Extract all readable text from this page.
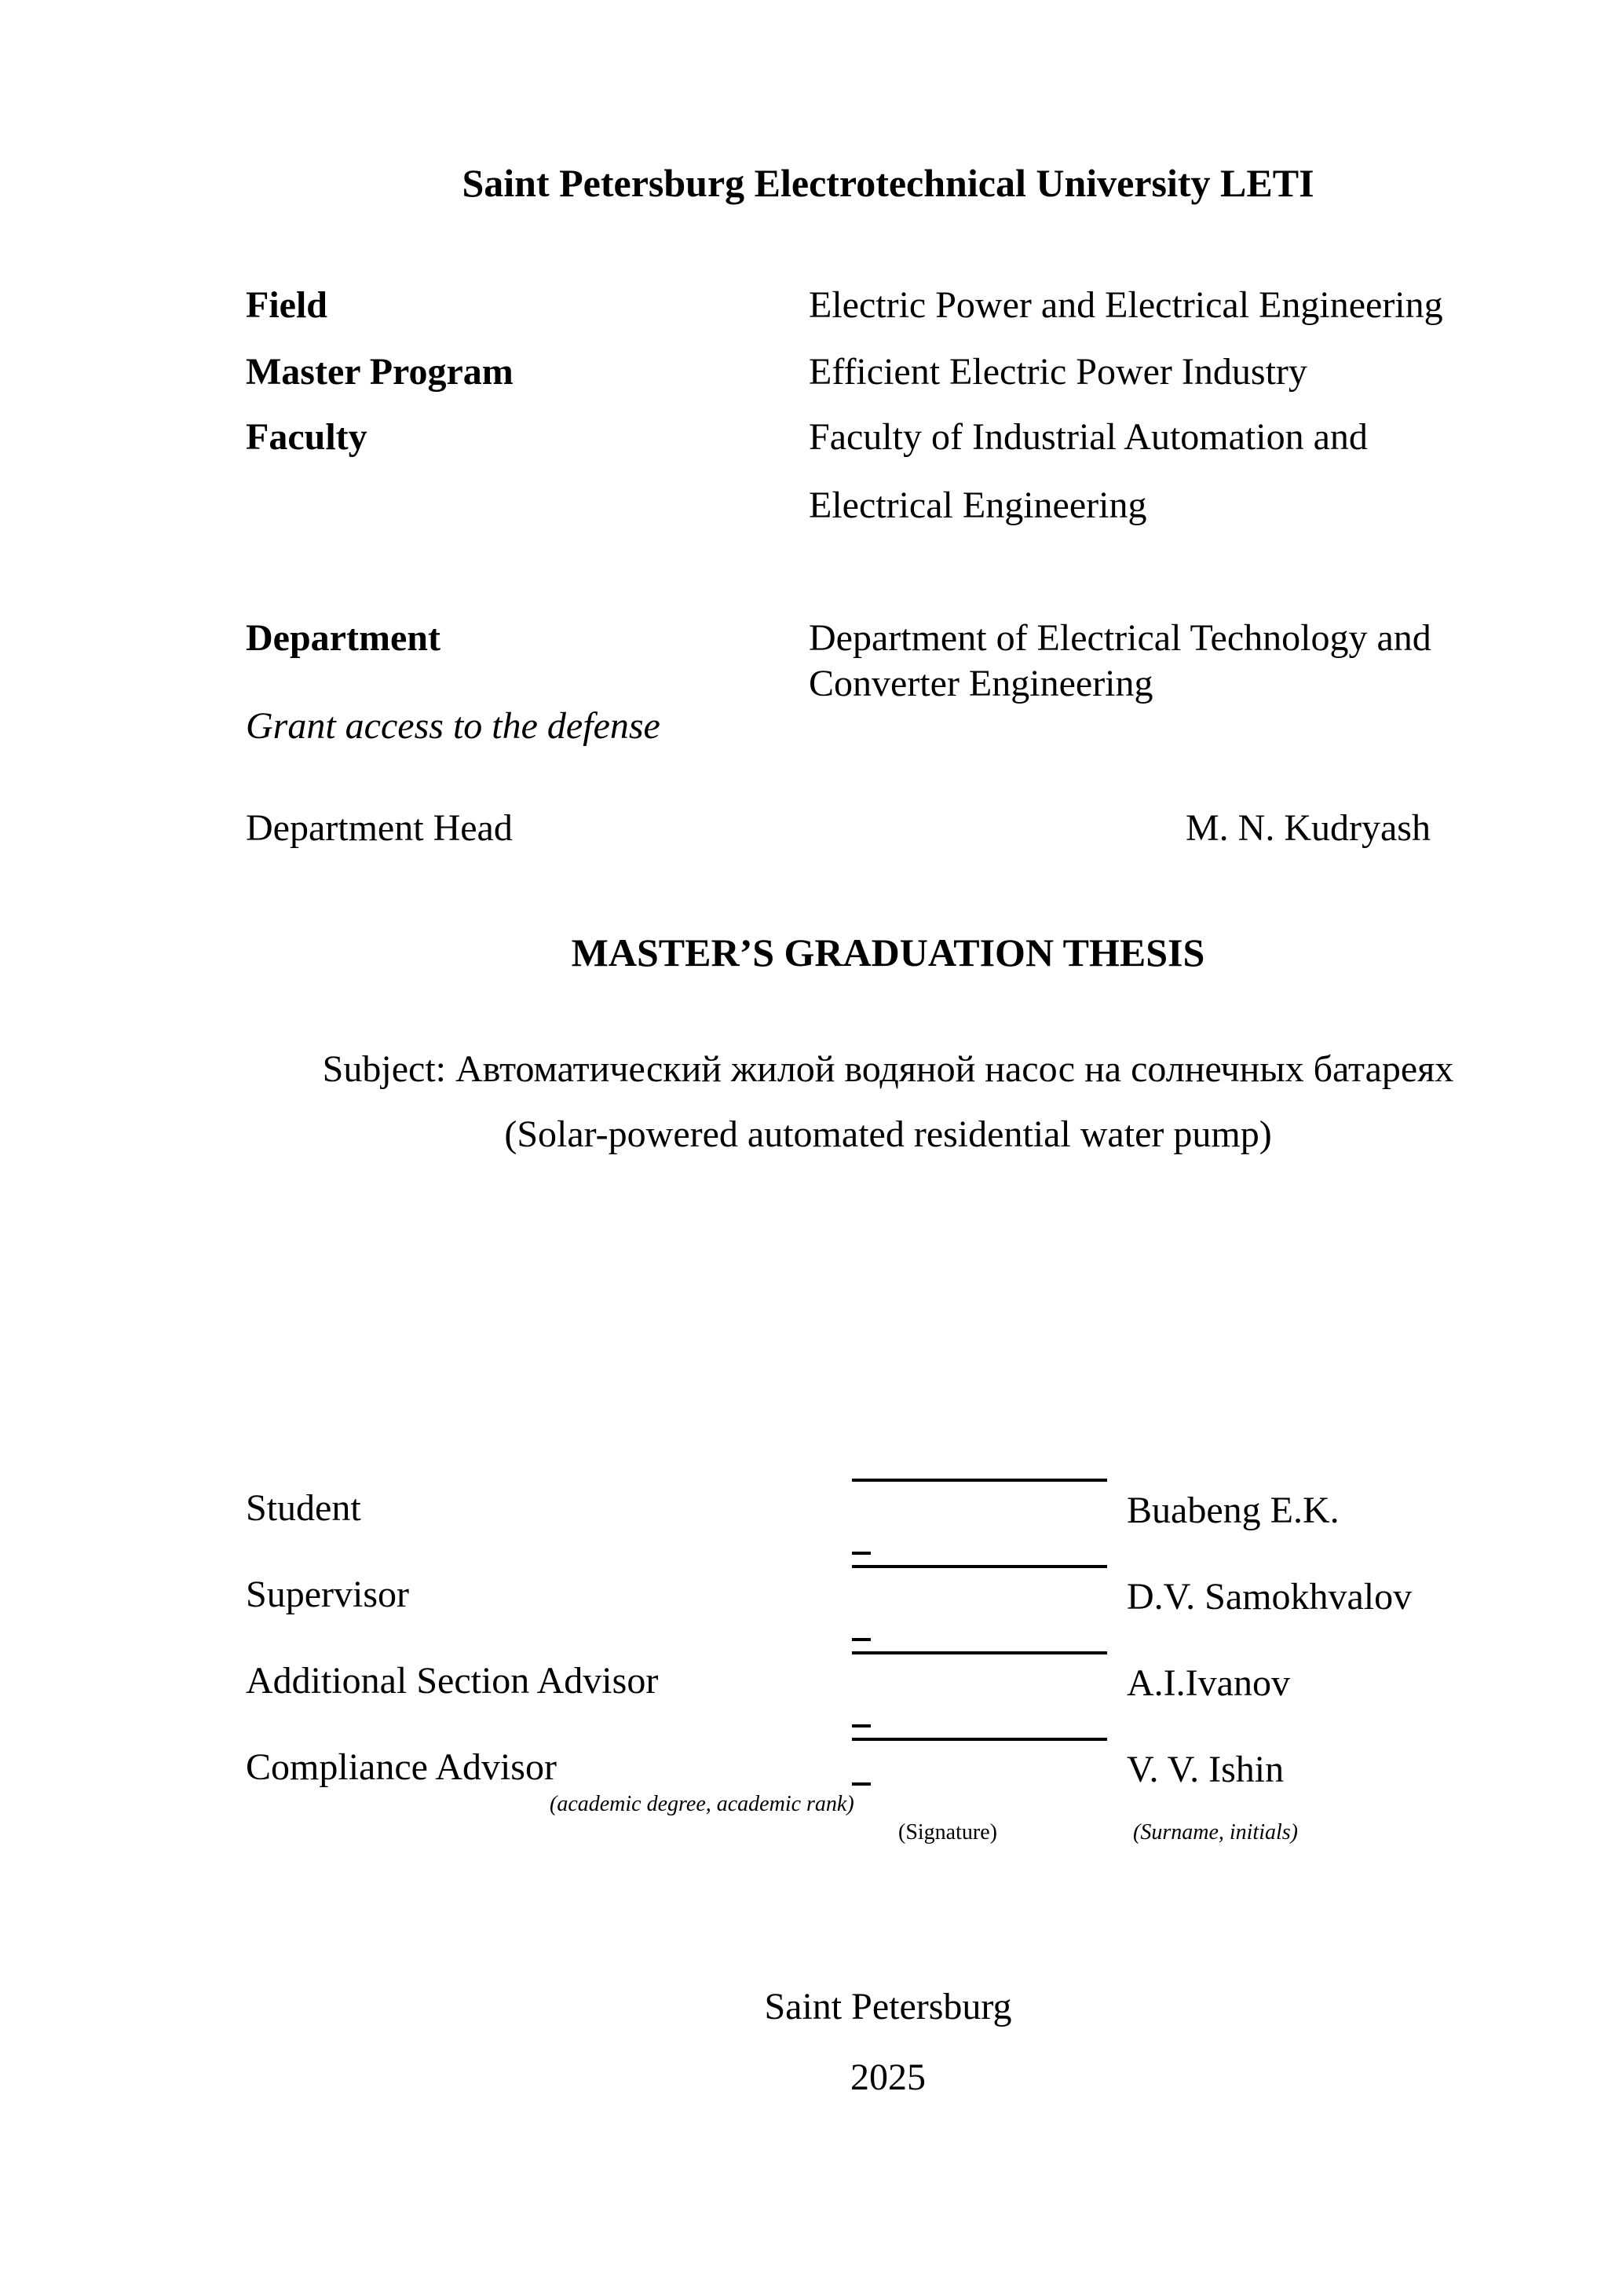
Saint Petersburg Electrotechnical University LETI
Field	Electric Power and Electrical Engineering
Master Program	Efficient Electric Power Industry
Faculty	Faculty of Industrial Automation and
Electrical Engineering
Department	Department of Electrical Technology and
Converter Engineering
Grant access to the defense
Department Head	M. N. Kudryash
MASTER’S GRADUATION THESIS
Subject: Автоматический жилой водяной насос на солнечных батареях
(Solar-powered automated residential water pump)
Student	Buabeng E.K.
Supervisor	D.V. Samokhvalov
Additional Section Advisor	A.I.Ivanov
Compliance Advisor	V. V. Ishin
(academic degree, academic rank)
(Signature)	(Surname, initials)
Saint Petersburg
2025
